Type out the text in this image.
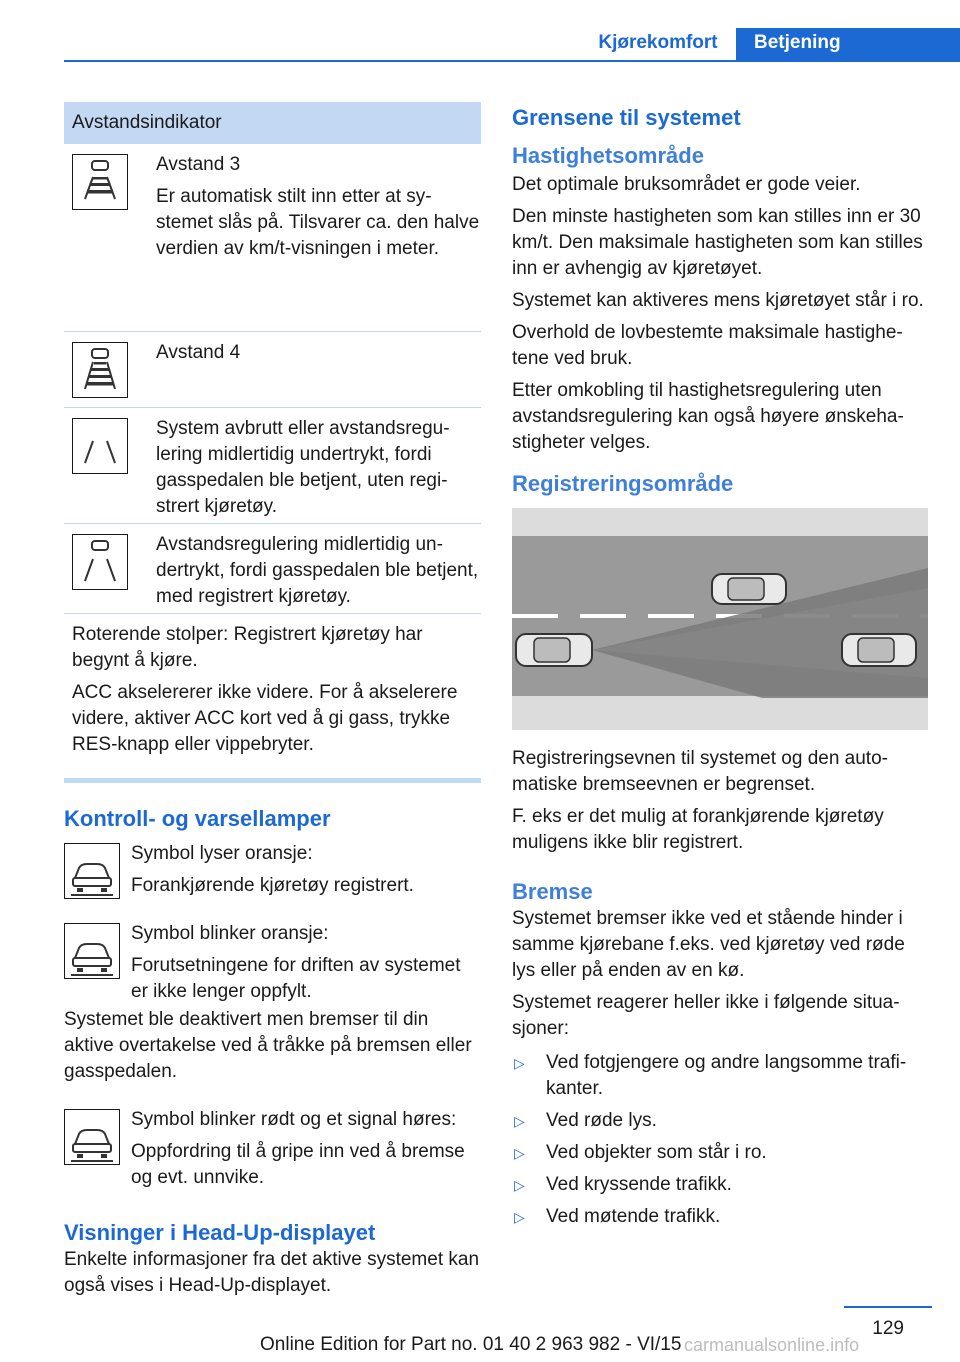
Kjørekomfort	Betjening
Avstandsindikator

Avstand 3

Er automatisk stilt inn etter at systemet slås på. Tilsvarer ca. den halve verdien av km/t-visningen i meter.

Avstand 4

System avbrutt eller avstandsregulering midlertidig undertrykt, fordi gasspedalen ble betjent, uten registrert kjøretøy.

Avstandsregulering midlertidig undertrykt, fordi gasspedalen ble betjent, med registrert kjøretøy.

Roterende stolper: Registrert kjøretøy har begynt å kjøre.

ACC akselererer ikke videre. For å akselerere videre, aktiver ACC kort ved å gi gass, trykke RES-knapp eller vippebryter.

Kontroll- og varsellamper

Symbol lyser oransje:

Forankjørende kjøretøy registrert.

Symbol blinker oransje:

Forutsetningene for driften av systemet er ikke lenger oppfylt.

Systemet ble deaktivert men bremser til din aktive overtakelse ved å tråkke på bremsen eller gasspedalen.

Symbol blinker rødt og et signal høres:

Oppfordring til å gripe inn ved å bremse og evt. unnvike.

Visninger i Head-Up-displayet

Enkelte informasjoner fra det aktive systemet kan også vises i Head-Up-displayet.

Grensene til systemet
Hastighetsområde

Det optimale bruksområdet er gode veier.

Den minste hastigheten som kan stilles inn er 30 km/t. Den maksimale hastigheten som kan stilles inn er avhengig av kjøretøyet.

Systemet kan aktiveres mens kjøretøyet står i ro.

Overhold de lovbestemte maksimale hastighetene ved bruk.

Etter omkobling til hastighetsregulering uten avstandsregulering kan også høyere ønskehastigheter velges.

Registreringsområde

Registreringsevnen til systemet og den automatiske bremseevnen er begrenset.

F. eks er det mulig at forankjørende kjøretøy muligens ikke blir registrert.

Bremse

Systemet bremser ikke ved et stående hinder i samme kjørebane f.eks. ved kjøretøy ved røde lys eller på enden av en kø.

Systemet reagerer heller ikke i følgende situasjoner:

▷	Ved fotgjengere og andre langsomme trafikanter.
▷	Ved røde lys.
▷	Ved objekter som står i ro.
▷	Ved kryssende trafikk.
▷	Ved møtende trafikk.
129
Online Edition for Part no. 01 40 2 963 982 - VI/15 carmanualsonline.info
